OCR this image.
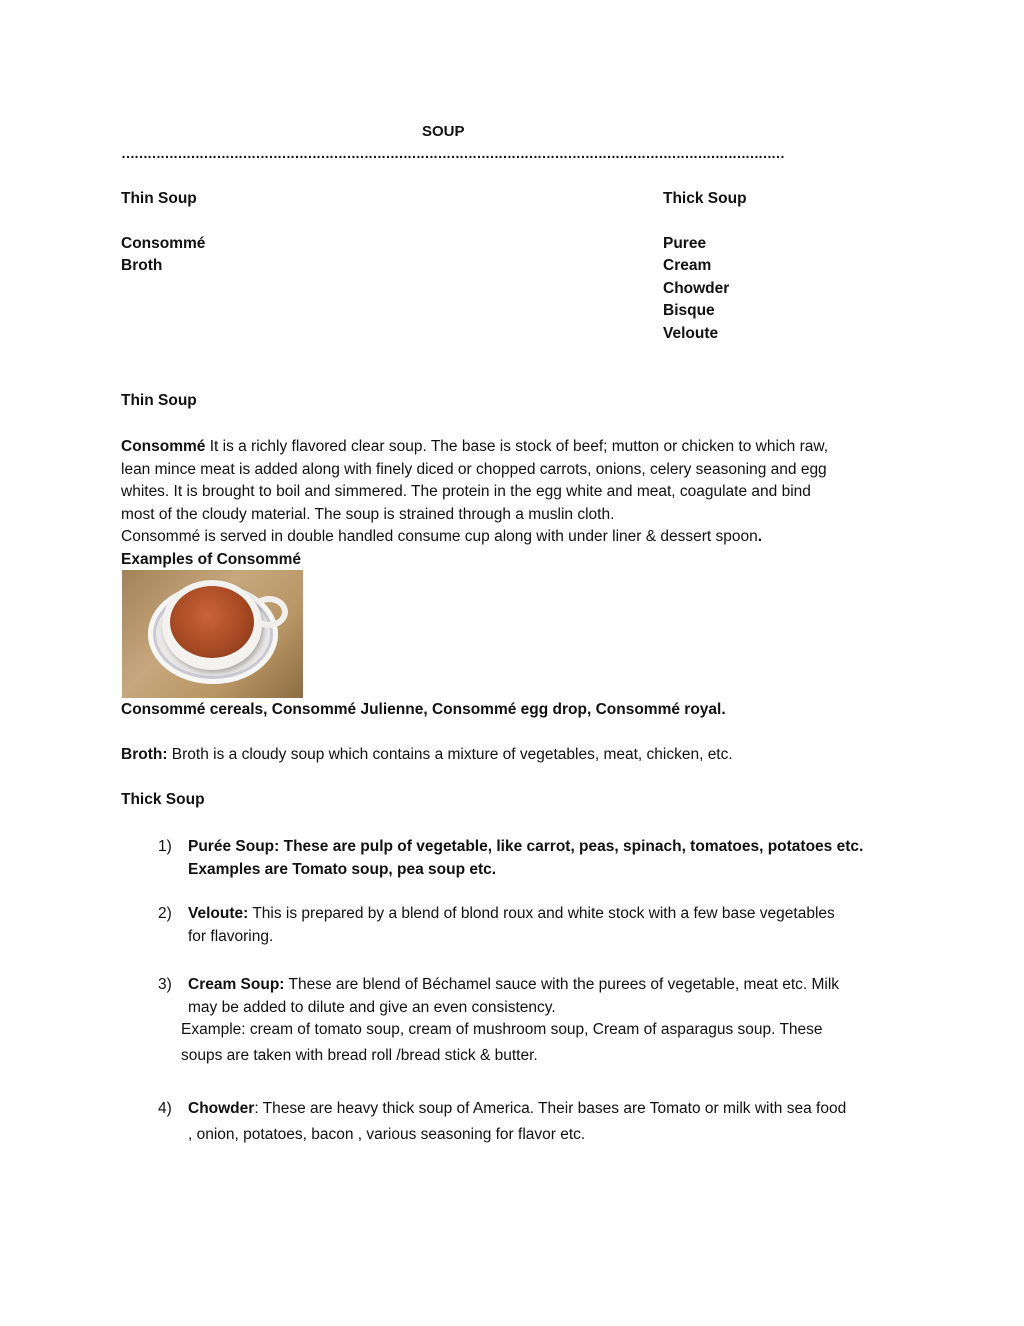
SOUP
………………………………………………………………………………………………………………………………………
Thin Soup	Thick Soup
Consommé
Broth
Puree
Cream
Chowder
Bisque
Veloute
Thin Soup

Consommé It is a richly flavored clear soup. The base is stock of beef; mutton or chicken to which raw,

lean mince meat is added along with finely diced or chopped carrots, onions, celery seasoning and egg

whites. It is brought to boil and simmered. The protein in the egg white and meat, coagulate and bind

most of the cloudy material. The soup is strained through a muslin cloth.

Consommé is served in double handled consume cup along with under liner & dessert spoon.

Examples of Consommé

Consommé cereals, Consommé Julienne, Consommé egg drop, Consommé royal.
Broth: Broth is a cloudy soup which contains a mixture of vegetables, meat, chicken, etc.
Thick Soup
1) Purée Soup: These are pulp of vegetable, like carrot, peas, spinach, tomatoes, potatoes etc.
Examples are Tomato soup, pea soup etc.
2) Veloute: This is prepared by a blend of blond roux and white stock with a few base vegetables
for flavoring.
3) Cream Soup: These are blend of Béchamel sauce with the purees of vegetable, meat etc. Milk
may be added to dilute and give an even consistency.
Example: cream of tomato soup, cream of mushroom soup, Cream of asparagus soup. These
soups are taken with bread roll /bread stick & butter.
4) Chowder: These are heavy thick soup of America. Their bases are Tomato or milk with sea food
, onion, potatoes, bacon , various seasoning for flavor etc.
